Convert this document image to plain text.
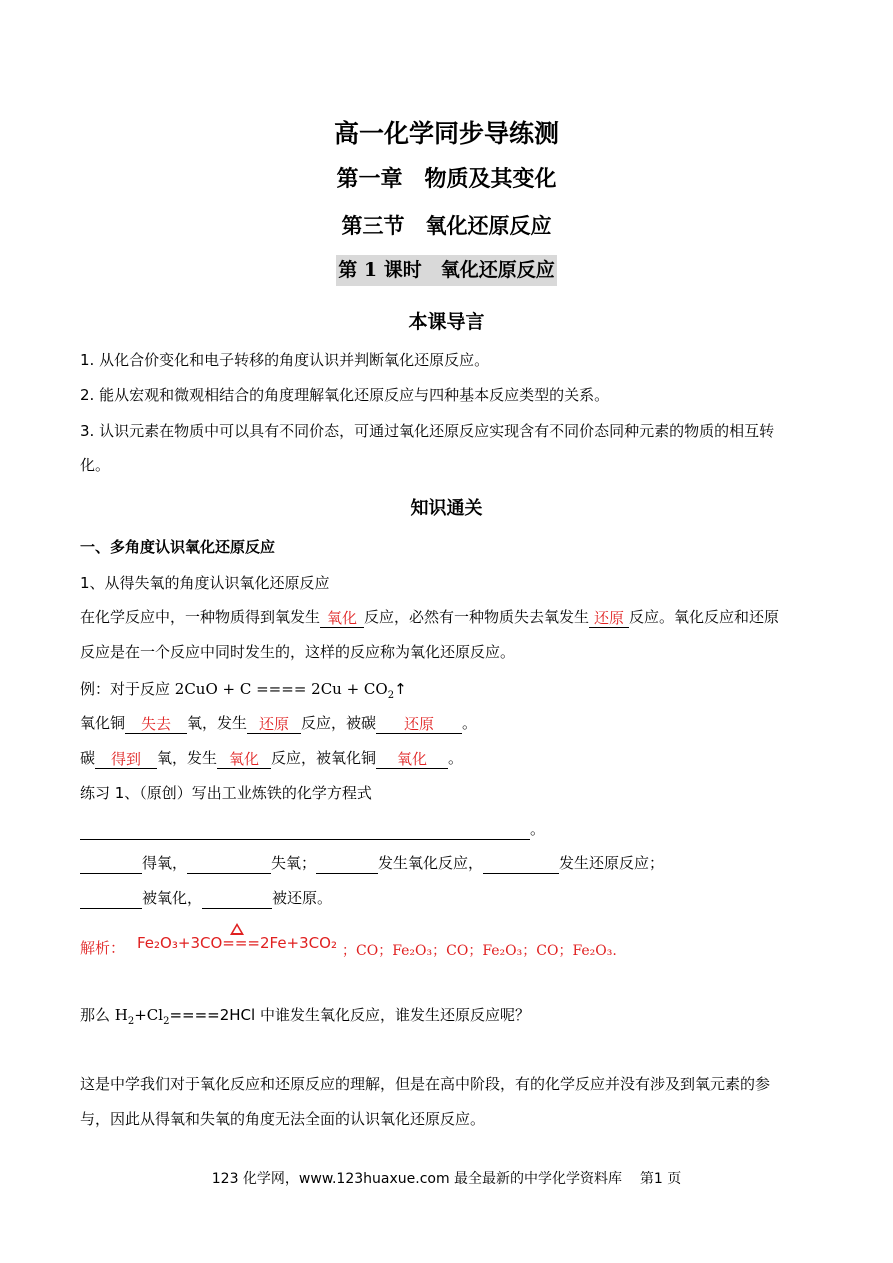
高一化学同步导练测
第一章　物质及其变化
第三节　氧化还原反应
第 1 课时　氧化还原反应
本课导言
1. 从化合价变化和电子转移的角度认识并判断氧化还原反应。
2. 能从宏观和微观相结合的角度理解氧化还原反应与四种基本反应类型的关系。
3. 认识元素在物质中可以具有不同价态，可通过氧化还原反应实现含有不同价态同种元素的物质的相互转
化。
知识通关
一、多角度认识氧化还原反应
1、从得失氧的角度认识氧化还原反应
在化学反应中，一种物质得到氧发生 氧化 反应，必然有一种物质失去氧发生 还原 反应。氧化反应和还原
反应是在一个反应中同时发生的，这样的反应称为氧化还原反应。
例：对于反应 2CuO + C ==== $2Cu + CO_2↑$
氧化铜 失去 氧，发生 还原 反应，被碳 还原 。
碳 得到 氧，发生 氧化 反应，被氧化铜 氧化 。
练习 1、（原创）写出工业炼铁的化学方程式
。
得氧，	失氧；	发生氧化反应，	发生还原反应；
被氧化，	被还原。
解析： Fe₂O₃+3CO===2Fe+3CO₂ ；CO；Fe₂O₃；CO；Fe₂O₃；CO；Fe₂O₃.
那么 $H_2+Cl_2====2HCl$ 中谁发生氧化反应，谁发生还原反应呢？
这是中学我们对于氧化反应和还原反应的理解，但是在高中阶段，有的化学反应并没有涉及到氧元素的参
与，因此从得氧和失氧的角度无法全面的认识氧化还原反应。
123 化学网，www.123huaxue.com 最全最新的中学化学资料库 第1 页
